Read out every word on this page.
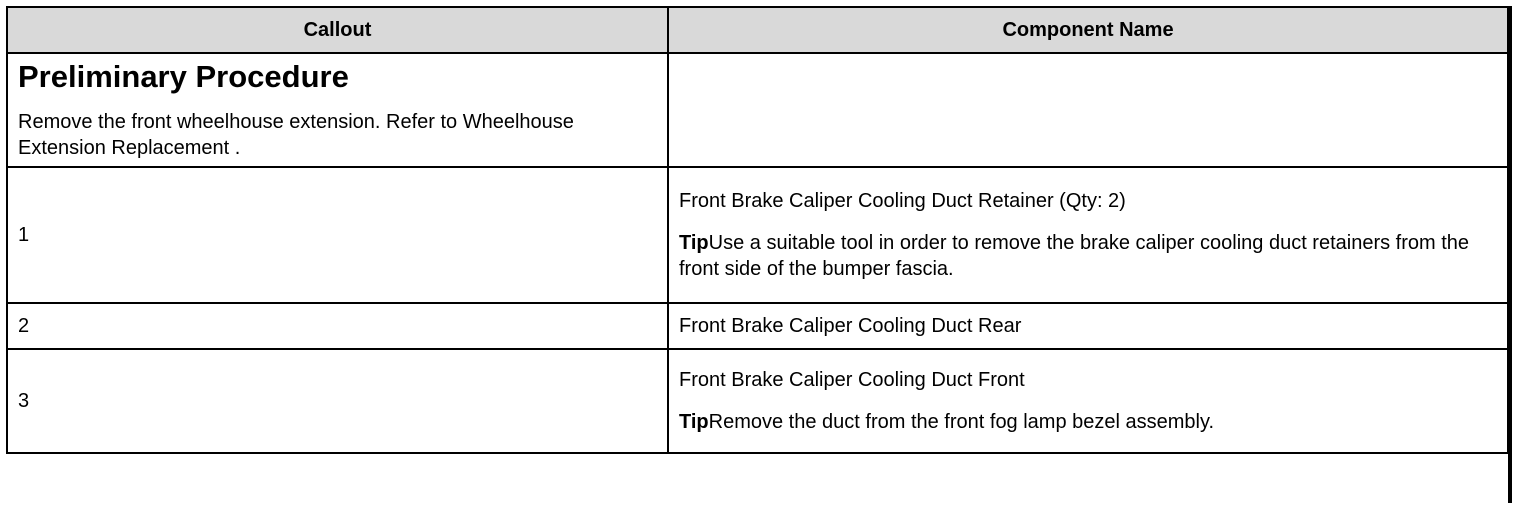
Callout	Component Name

Preliminary Procedure

Remove the front wheelhouse extension. Refer to Wheelhouse Extension Replacement .	

1	Front Brake Caliper Cooling Duct Retainer (Qty: 2)

TipUse a suitable tool in order to remove the brake caliper cooling duct retainers from the front side of the bumper fascia.

2	Front Brake Caliper Cooling Duct Rear
3	Front Brake Caliper Cooling Duct Front

TipRemove the duct from the front fog lamp bezel assembly.
